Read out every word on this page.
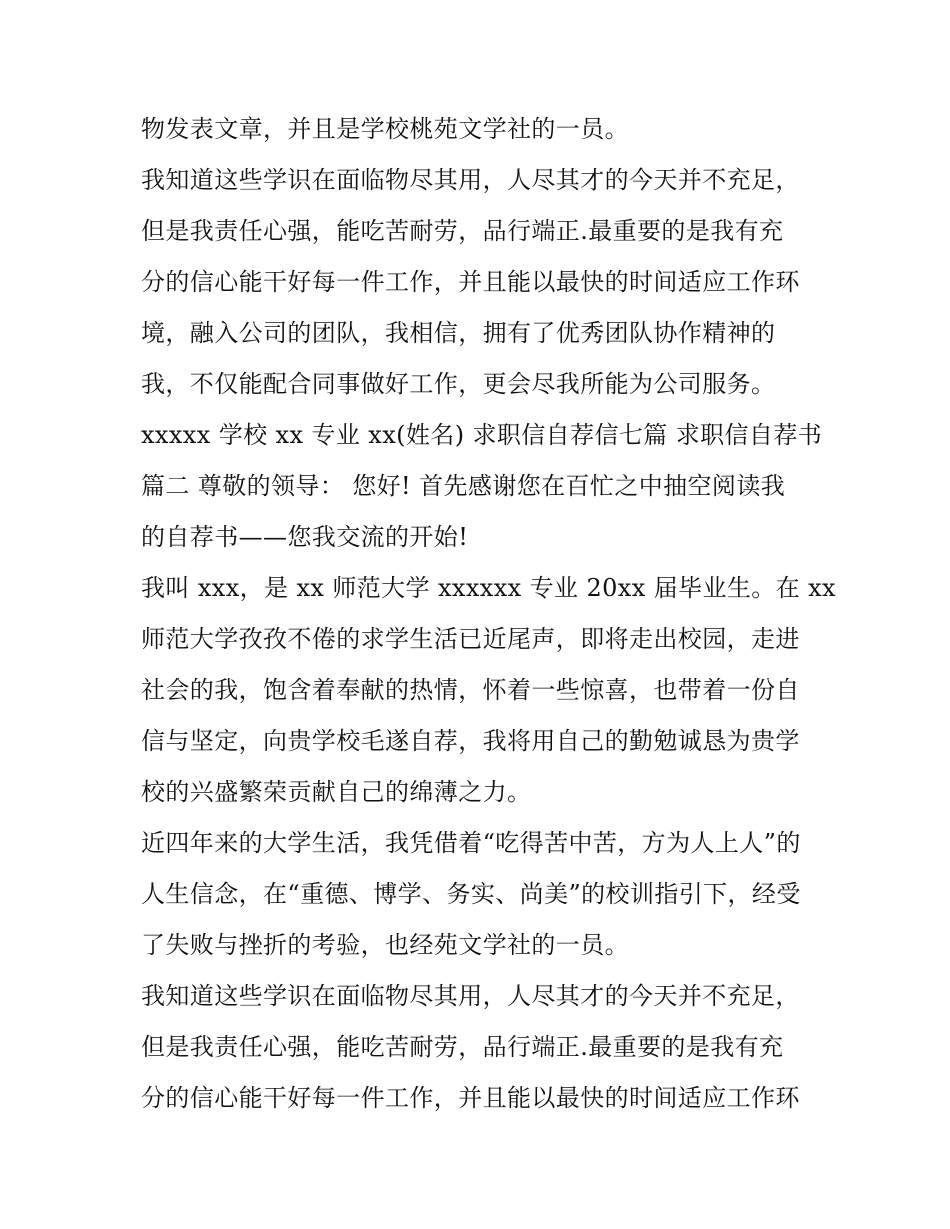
物发表文章，并且是学校桃苑文学社的一员。
我知道这些学识在面临物尽其用，人尽其才的今天并不充足，
但是我责任心强，能吃苦耐劳，品行端正.最重要的是我有充
分的信心能干好每一件工作，并且能以最快的时间适应工作环
境，融入公司的团队，我相信，拥有了优秀团队协作精神的
我，不仅能配合同事做好工作，更会尽我所能为公司服务。
xxxxx 学校 xx 专业 xx(姓名) 求职信自荐信七篇 求职信自荐书
篇二 尊敬的领导： 您好! 首先感谢您在百忙之中抽空阅读我
的自荐书——您我交流的开始!
我叫 xxx，是 xx 师范大学 xxxxxx 专业 20xx 届毕业生。在 xx
师范大学孜孜不倦的求学生活已近尾声，即将走出校园，走进
社会的我，饱含着奉献的热情，怀着一些惊喜，也带着一份自
信与坚定，向贵学校毛遂自荐，我将用自己的勤勉诚恳为贵学
校的兴盛繁荣贡献自己的绵薄之力。
近四年来的大学生活，我凭借着“吃得苦中苦，方为人上人”的
人生信念，在“重德、博学、务实、尚美”的校训指引下，经受
了失败与挫折的考验，也经苑文学社的一员。
我知道这些学识在面临物尽其用，人尽其才的今天并不充足，
但是我责任心强，能吃苦耐劳，品行端正.最重要的是我有充
分的信心能干好每一件工作，并且能以最快的时间适应工作环
